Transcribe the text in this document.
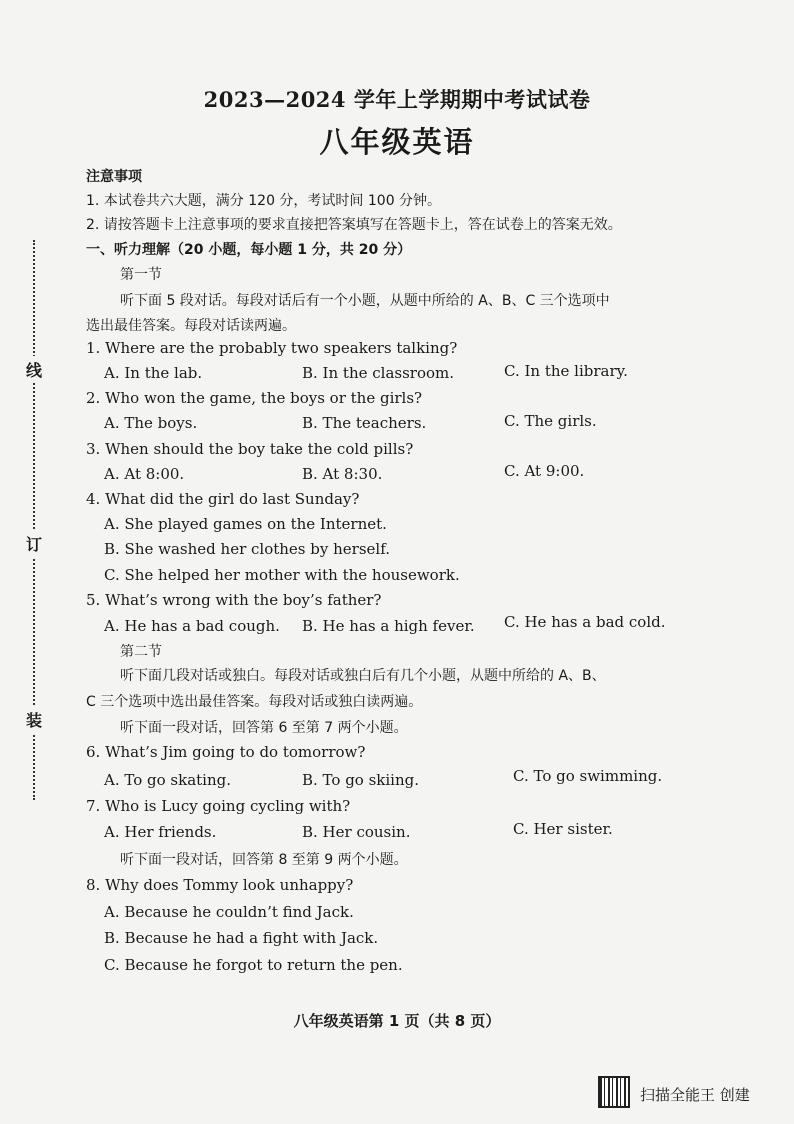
线
订
装
2023—2024 学年上学期期中考试试卷
八年级英语
注意事项
1. 本试卷共六大题，满分 120 分，考试时间 100 分钟。
2. 请按答题卡上注意事项的要求直接把答案填写在答题卡上，答在试卷上的答案无效。
一、听力理解（20 小题，每小题 1 分，共 20 分）
第一节
听下面 5 段对话。每段对话后有一个小题，从题中所给的 A、B、C 三个选项中
选出最佳答案。每段对话读两遍。
1. Where are the probably two speakers talking?
A. In the lab.	B. In the classroom.	C. In the library.
2. Who won the game, the boys or the girls?
A. The boys.	B. The teachers.	C. The girls.
3. When should the boy take the cold pills?
A. At 8:00.	B. At 8:30.	C. At 9:00.
4. What did the girl do last Sunday?
A. She played games on the Internet.
B. She washed her clothes by herself.
C. She helped her mother with the housework.
5. What’s wrong with the boy’s father?
A. He has a bad cough. B. He has a high fever. C. He has a bad cold.
第二节
听下面几段对话或独白。每段对话或独白后有几个小题，从题中所给的 A、B、
C 三个选项中选出最佳答案。每段对话或独白读两遍。
听下面一段对话，回答第 6 至第 7 两个小题。
6. What’s Jim going to do tomorrow?
A. To go skating.	B. To go skiing.	C. To go swimming.
7. Who is Lucy going cycling with?
A. Her friends.	B. Her cousin.	C. Her sister.
听下面一段对话，回答第 8 至第 9 两个小题。
8. Why does Tommy look unhappy?
A. Because he couldn’t find Jack.
B. Because he had a fight with Jack.
C. Because he forgot to return the pen.
八年级英语第 1 页（共 8 页）
扫描全能王 创建
